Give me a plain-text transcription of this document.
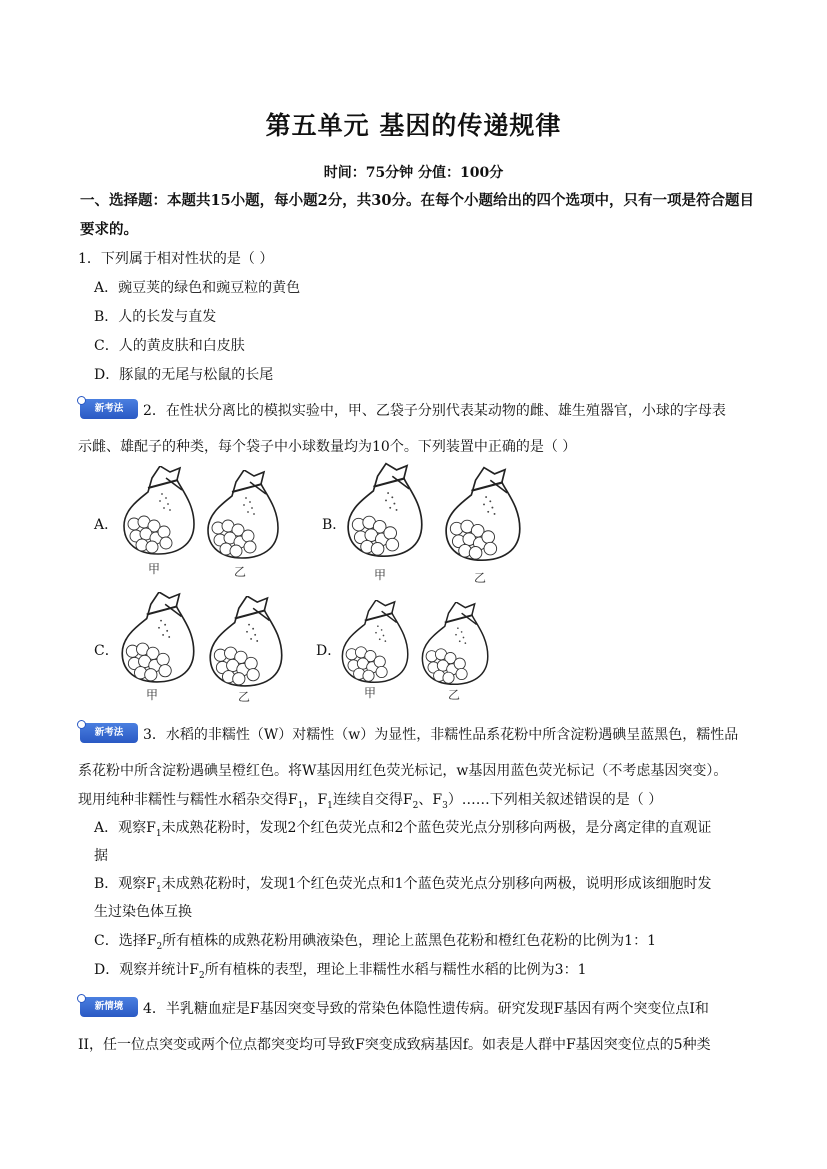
第五单元 基因的传递规律
时间：75分钟 分值：100分
一、选择题：本题共15小题，每小题2分，共30分。在每个小题给出的四个选项中，只有一项是符合题目要求的。
1．下列属于相对性状的是（ ）
A．豌豆荚的绿色和豌豆粒的黄色
B．人的长发与直发
C．人的黄皮肤和白皮肤
D．豚鼠的无尾与松鼠的长尾
新考法	2．在性状分离比的模拟实验中，甲、乙袋子分别代表某动物的雌、雄生殖器官，小球的字母表
示雌、雄配子的种类，每个袋子中小球数量均为10个。下列装置中正确的是（ ）
A．	B．
C．	D．
甲	乙	甲	乙
甲	乙	甲	乙
新考法	3．水稻的非糯性（W）对糯性（w）为显性，非糯性品系花粉中所含淀粉遇碘呈蓝黑色，糯性品
系花粉中所含淀粉遇碘呈橙红色。将W基因用红色荧光标记，w基因用蓝色荧光标记（不考虑基因突变）。
现用纯种非糯性与糯性水稻杂交得$F_1$，$F_1$连续自交得$F_2$、$F_3)\dots\dots$下列相关叙述错误的是（ ）
A．观察$F_1$未成熟花粉时，发现2个红色荧光点和2个蓝色荧光点分别移向两极，是分离定律的直观证
据
B．观察$F_1$未成熟花粉时，发现1个红色荧光点和1个蓝色荧光点分别移向两极，说明形成该细胞时发
生过染色体互换
C．选择$F_2$所有植株的成熟花粉用碘液染色，理论上蓝黑色花粉和橙红色花粉的比例为1：1
D．观察并统计$F_2$所有植株的表型，理论上非糯性水稻与糯性水稻的比例为3：1
新情境	4．半乳糖血症是F基因突变导致的常染色体隐性遗传病。研究发现F基因有两个突变位点I和
II，任一位点突变或两个位点都突变均可导致F突变成致病基因f。如表是人群中F基因突变位点的5种类
